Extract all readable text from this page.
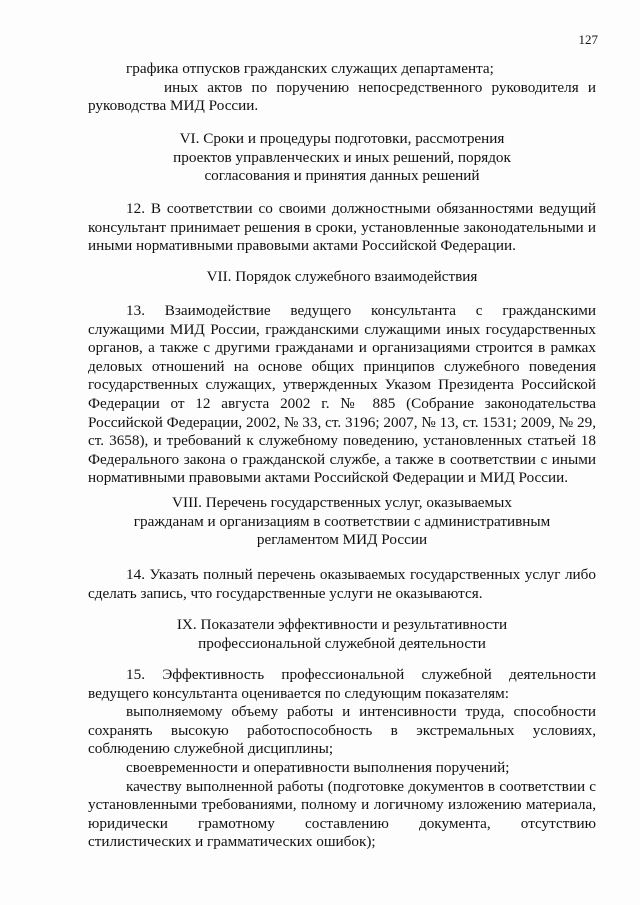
127

графика отпусков гражданских служащих департамента;

иных актов по поручению непосредственного руководителя и

руководства МИД России.

VI. Сроки и процедуры подготовки, рассмотрения
проектов управленческих и иных решений, порядок
согласования и принятия данных решений

12. В соответствии со своими должностными обязанностями ведущий консультант принимает решения в сроки, установленные законодательными и иными нормативными правовыми актами Российской Федерации.

VII. Порядок служебного взаимодействия

13. Взаимодействие ведущего консультанта с гражданскими служащими МИД России, гражданскими служащими иных государственных органов, а также с другими гражданами и организациями строится в рамках деловых отношений на основе общих принципов служебного поведения государственных служащих, утвержденных Указом Президента Российской Федерации от 12 августа 2002 г. № 885 (Собрание законодательства Российской Федерации, 2002, № 33, ст. 3196; 2007, № 13, ст. 1531; 2009, № 29, ст. 3658), и требований к служебному поведению, установленных статьей 18 Федерального закона о гражданской службе, а также в соответствии с иными нормативными правовыми актами Российской Федерации и МИД России.

VIII. Перечень государственных услуг, оказываемых
гражданам и организациям в соответствии с административным
регламентом МИД России

14. Указать полный перечень оказываемых государственных услуг либо сделать запись, что государственные услуги не оказываются.

IX. Показатели эффективности и результативности
профессиональной служебной деятельности

15. Эффективность профессиональной служебной деятельности ведущего консультанта оценивается по следующим показателям:

выполняемому объему работы и интенсивности труда, способности сохранять высокую работоспособность в экстремальных условиях, соблюдению служебной дисциплины;

своевременности и оперативности выполнения поручений;

качеству выполненной работы (подготовке документов в соответствии с установленными требованиями, полному и логичному изложению материала, юридически грамотному составлению документа, отсутствию стилистических и грамматических ошибок);
